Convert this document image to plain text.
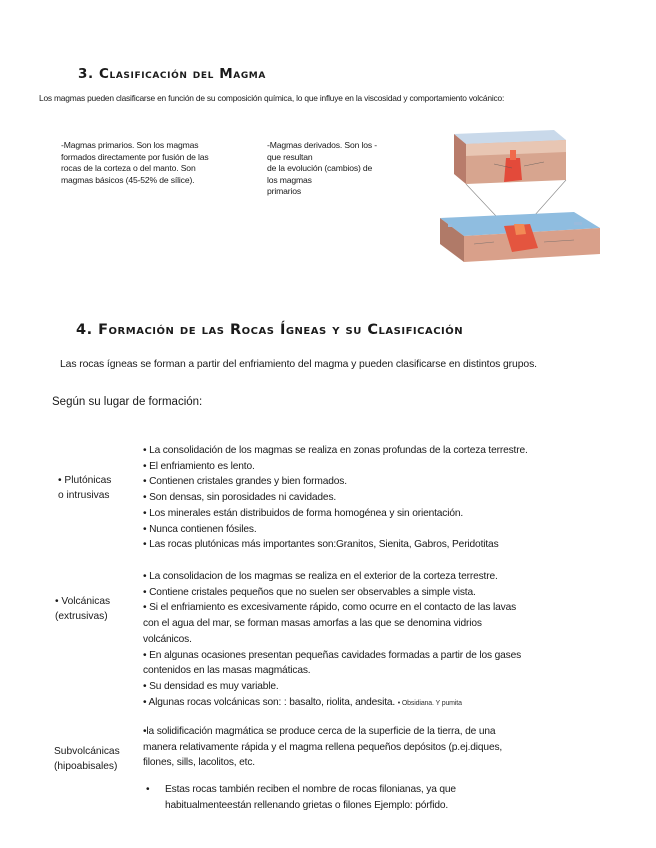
3. Clasificación del Magma
Los magmas pueden clasificarse en función de su composición química, lo que influye en la viscosidad y comportamiento volcánico:
-Magmas primarios. Son los magmas
formados directamente por fusión de las
rocas de la corteza o del manto. Son
magmas básicos (45-52% de sílice).
-Magmas derivados. Son los -
que resultan
de la evolución (cambios) de
los magmas
primarios
4. Formación de las Rocas Ígneas y su Clasificación
Las rocas ígneas se forman a partir del enfriamiento del magma y pueden clasificarse en distintos grupos.
Según su lugar de formación:
• Plutónicas
o intrusivas
• La consolidación de los magmas se realiza en zonas profundas de la corteza terrestre.
• El enfriamiento es lento.
• Contienen cristales grandes y bien formados.
• Son densas, sin porosidades ni cavidades.
• Los minerales están distribuidos de forma homogénea y sin orientación.
• Nunca contienen fósiles.
• Las rocas plutónicas más importantes son:Granitos, Sienita, Gabros, Peridotitas
• Volcánicas
(extrusivas)
• La consolidacion de los magmas se realiza en el exterior de la corteza terrestre.
• Contiene cristales pequeños que no suelen ser observables a simple vista.
• Si el enfriamiento es excesivamente rápido, como ocurre en el contacto de las lavas
con el agua del mar, se forman masas amorfas a las que se denomina vidrios
volcánicos.
• En algunas ocasiones presentan pequeñas cavidades formadas a partir de los gases
contenidos en las masas magmáticas.
• Su densidad es muy variable.
• Algunas rocas volcánicas son: : basalto, riolita, andesita. • Obsidiana. Y pumita
Subvolcánicas
(hipoabisales)
•la solidificación magmática se produce cerca de la superficie de la tierra, de una
manera relativamente rápida y el magma rellena pequeños depósitos (p.ej.diques,
filones, sills, lacolitos, etc.
• Estas rocas también reciben el nombre de rocas filonianas, ya que
habitualmenteestán rellenando grietas o filones Ejemplo: pórfido.
